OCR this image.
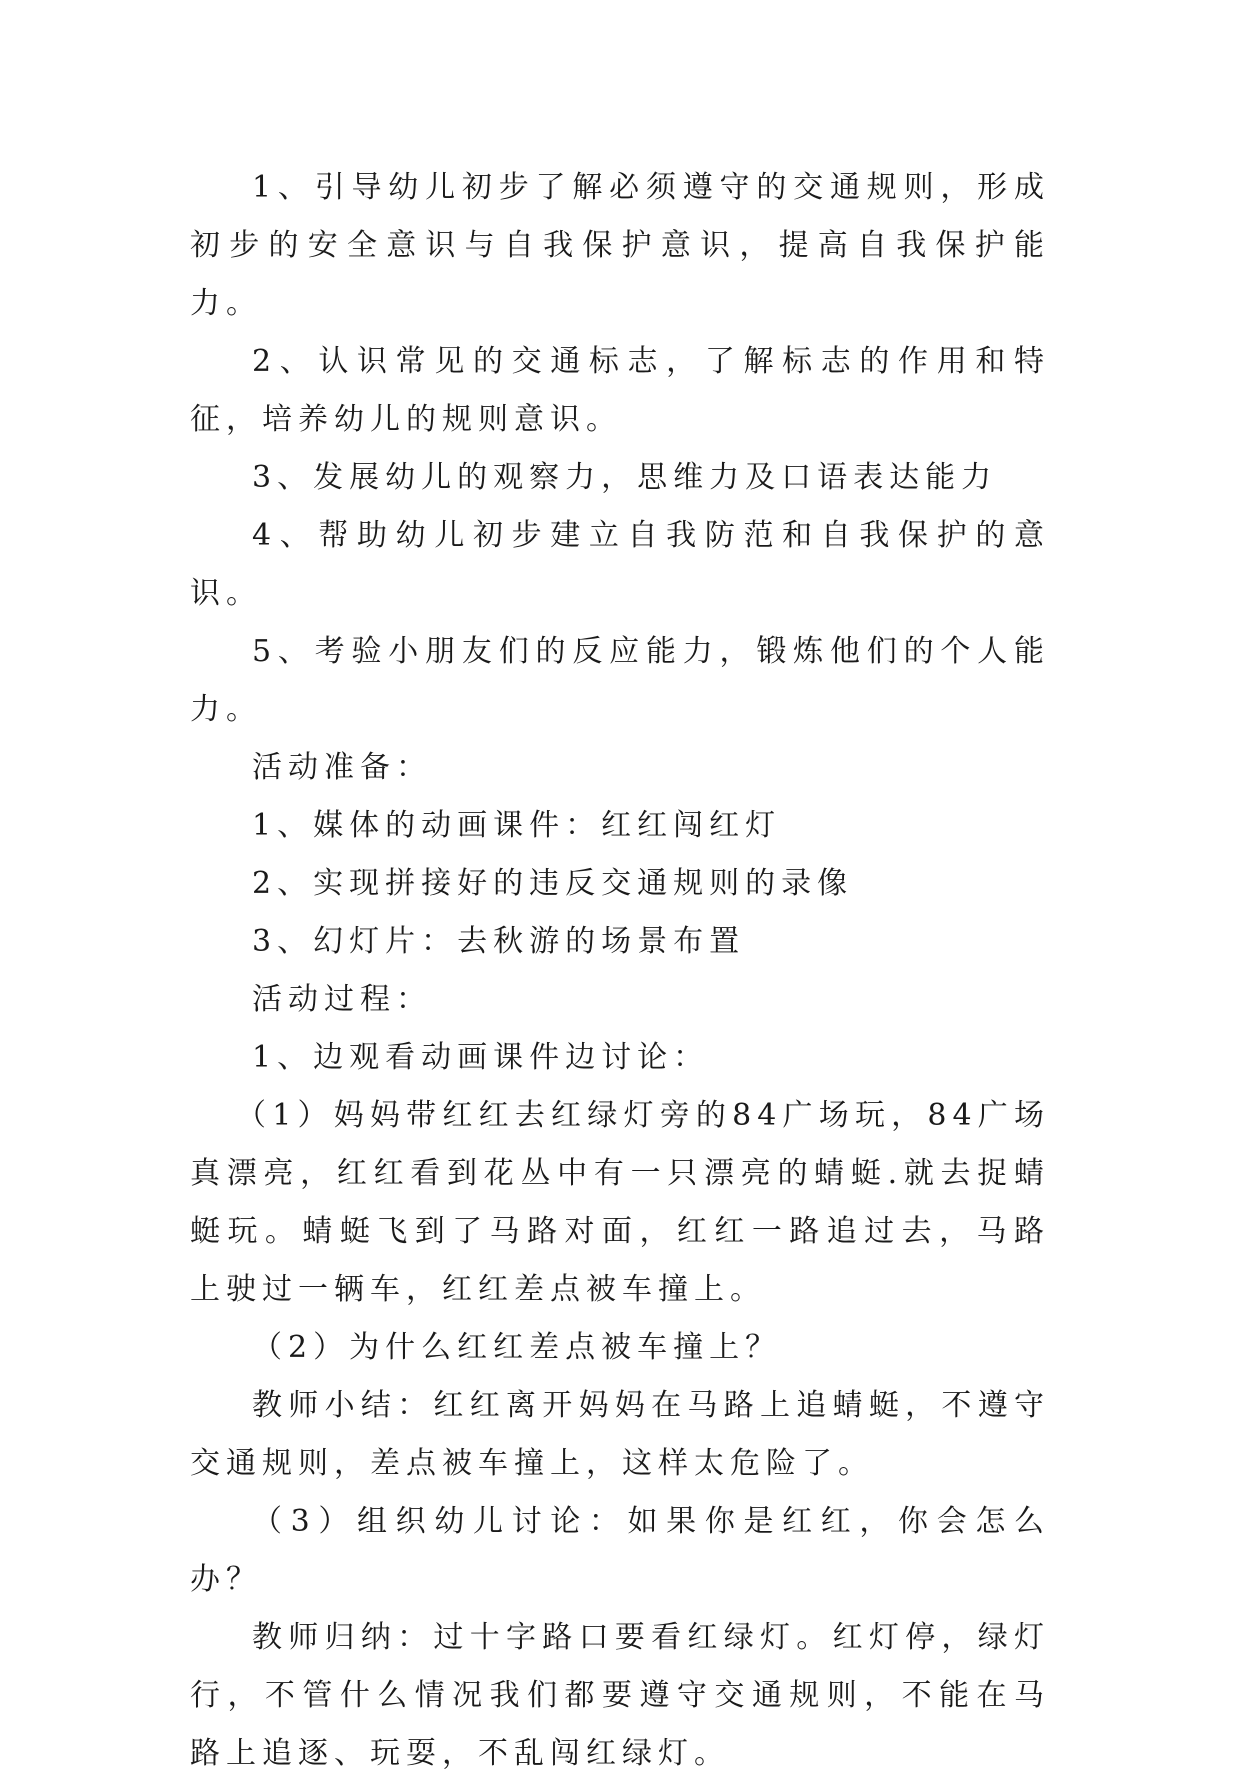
1、引导幼儿初步了解必须遵守的交通规则，形成初步的安全意识与自我保护意识，提高自我保护能力。

2、认识常见的交通标志，了解标志的作用和特征，培养幼儿的规则意识。

3、发展幼儿的观察力，思维力及口语表达能力

4、帮助幼儿初步建立自我防范和自我保护的意识。

5、考验小朋友们的反应能力，锻炼他们的个人能力。

活动准备：

1、媒体的动画课件：红红闯红灯

2、实现拼接好的违反交通规则的录像

3、幻灯片：去秋游的场景布置

活动过程：

1、边观看动画课件边讨论：

（1）妈妈带红红去红绿灯旁的84广场玩，84广场真漂亮，红红看到花丛中有一只漂亮的蜻蜓.就去捉蜻蜓玩。蜻蜓飞到了马路对面，红红一路追过去，马路上驶过一辆车，红红差点被车撞上。

（2）为什么红红差点被车撞上？

教师小结：红红离开妈妈在马路上追蜻蜓，不遵守交通规则，差点被车撞上，这样太危险了。

（3）组织幼儿讨论：如果你是红红，你会怎么办？

教师归纳：过十字路口要看红绿灯。红灯停，绿灯行，不管什么情况我们都要遵守交通规则，不能在马路上追逐、玩耍，不乱闯红绿灯。
